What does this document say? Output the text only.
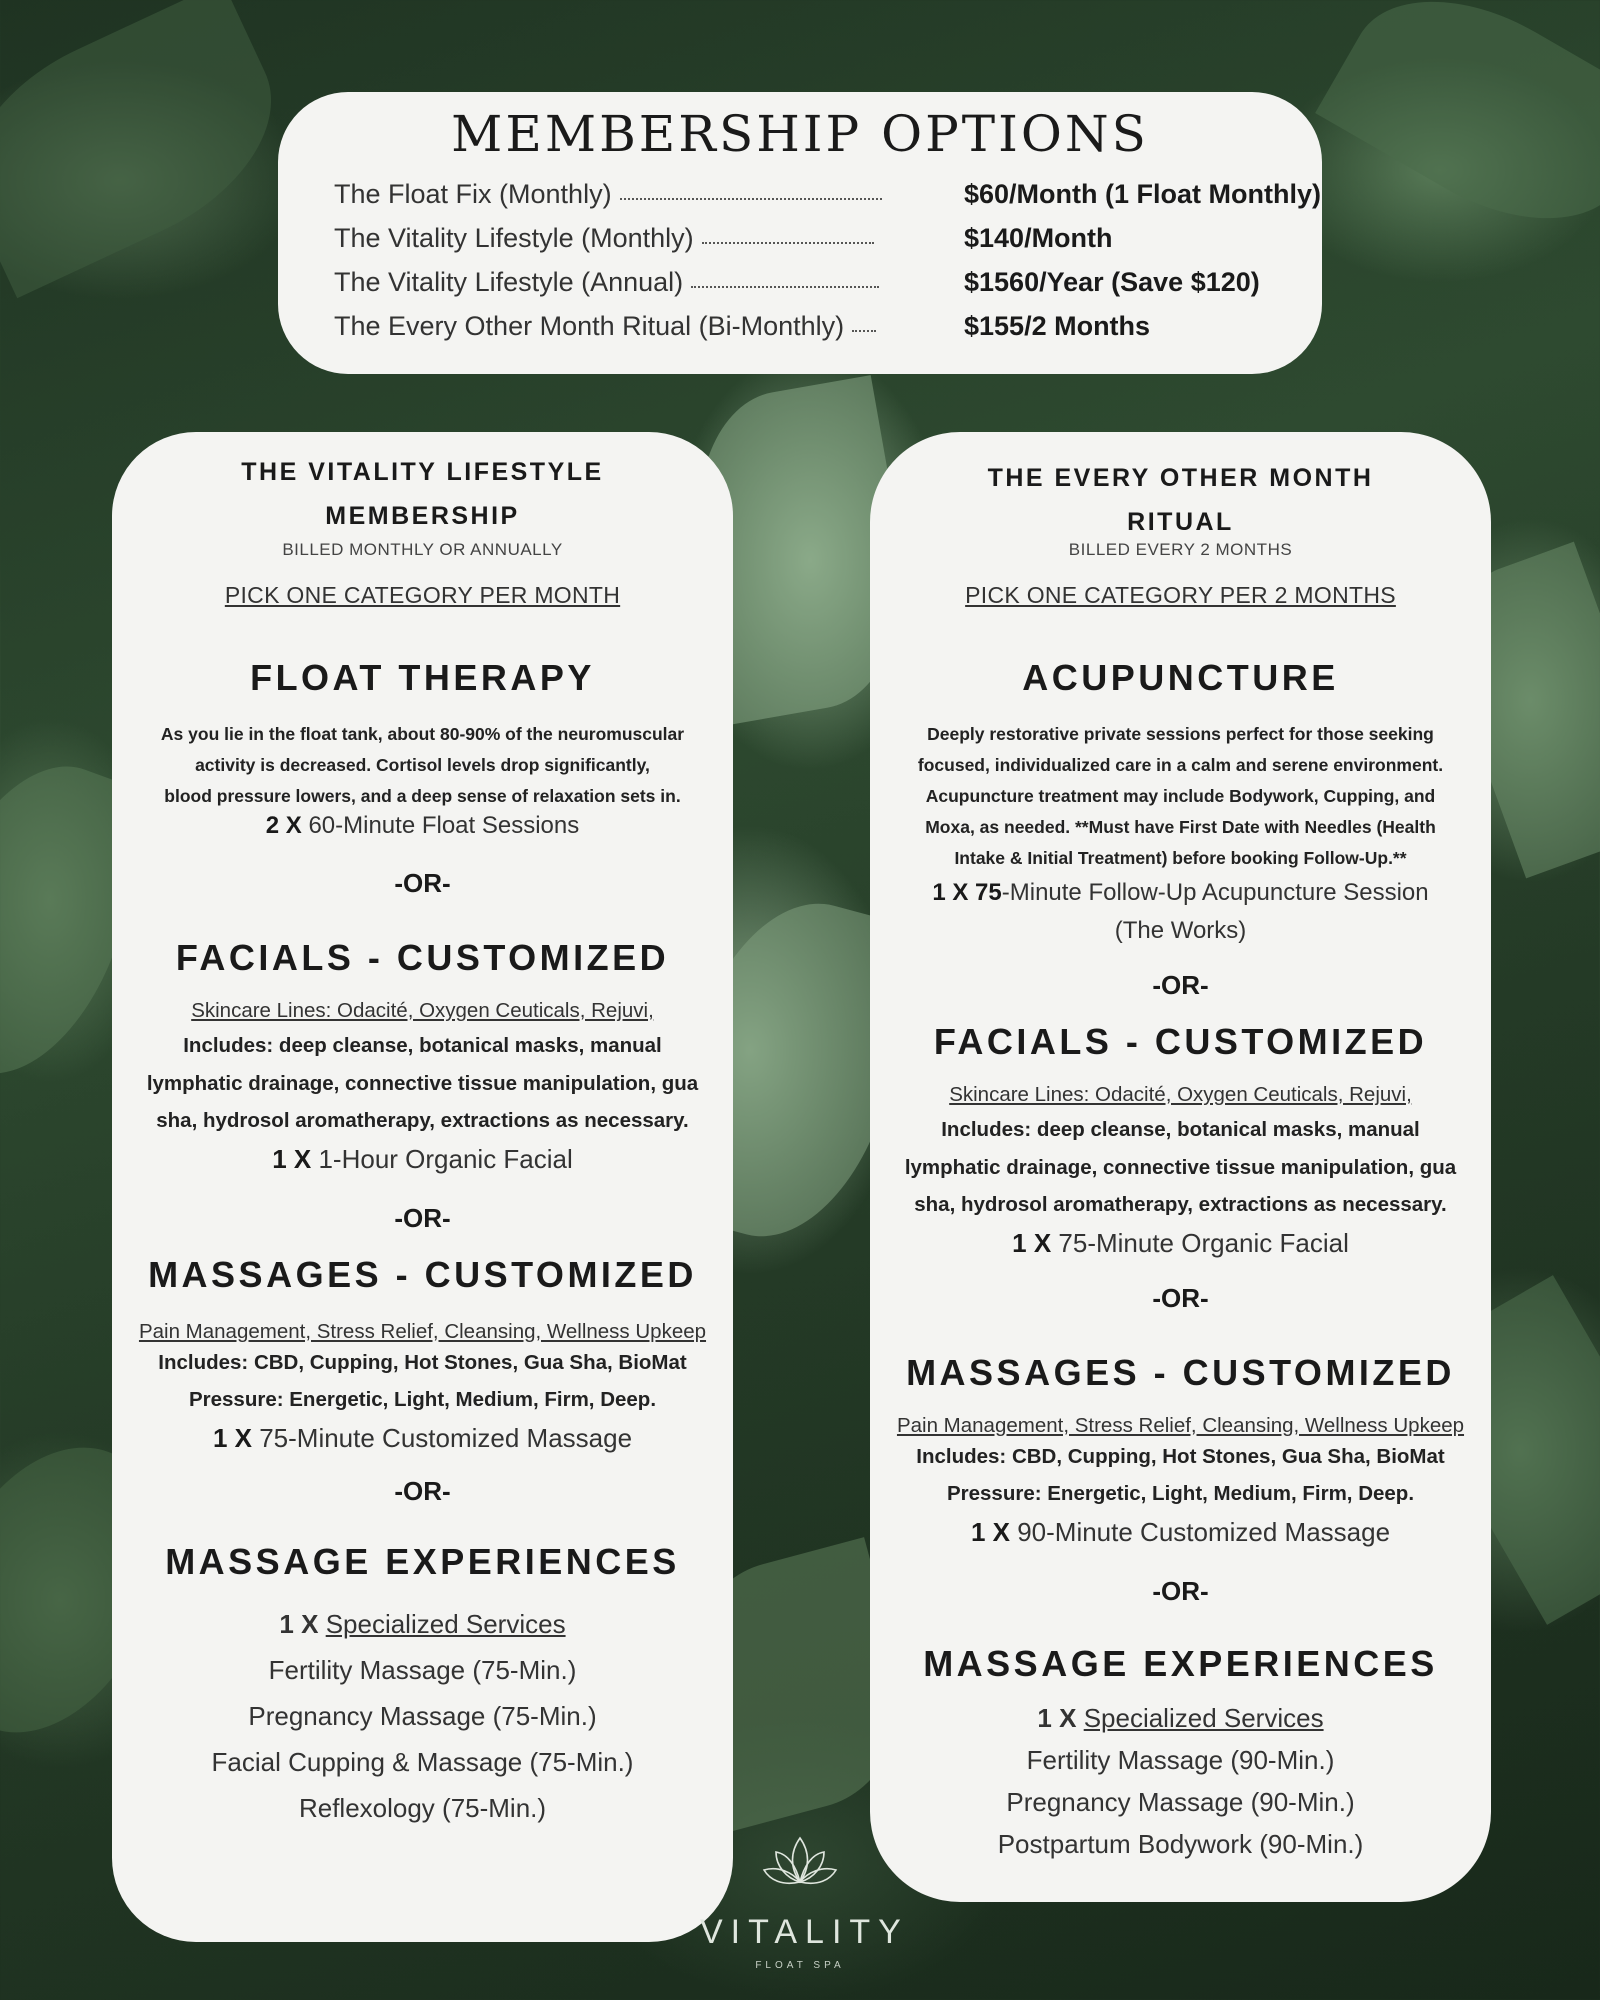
MEMBERSHIP OPTIONS
The Float Fix (Monthly)	$60/Month (1 Float Monthly)
The Vitality Lifestyle (Monthly)	$140/Month
The Vitality Lifestyle (Annual)	$1560/Year (Save $120)
The Every Other Month Ritual (Bi-Monthly)	$155/2 Months
THE VITALITY LIFESTYLE
MEMBERSHIP
BILLED MONTHLY OR ANNUALLY
PICK ONE CATEGORY PER MONTH
FLOAT THERAPY
As you lie in the float tank, about 80-90% of the neuromuscular
activity is decreased. Cortisol levels drop significantly,
blood pressure lowers, and a deep sense of relaxation sets in.
2 X 60-Minute Float Sessions
-OR-
FACIALS - CUSTOMIZED
Skincare Lines: Odacité, Oxygen Ceuticals, Rejuvi,
Includes: deep cleanse, botanical masks, manual
lymphatic drainage, connective tissue manipulation, gua
sha, hydrosol aromatherapy, extractions as necessary.
1 X 1-Hour Organic Facial
-OR-
MASSAGES - CUSTOMIZED
Pain Management, Stress Relief, Cleansing, Wellness Upkeep
Includes: CBD, Cupping, Hot Stones, Gua Sha, BioMat
Pressure: Energetic, Light, Medium, Firm, Deep.
1 X 75-Minute Customized Massage
-OR-
MASSAGE EXPERIENCES
1 X Specialized Services
Fertility Massage (75-Min.)
Pregnancy Massage (75-Min.)
Facial Cupping & Massage (75-Min.)
Reflexology (75-Min.)
THE EVERY OTHER MONTH
RITUAL
BILLED EVERY 2 MONTHS
PICK ONE CATEGORY PER 2 MONTHS
ACUPUNCTURE
Deeply restorative private sessions perfect for those seeking
focused, individualized care in a calm and serene environment.
Acupuncture treatment may include Bodywork, Cupping, and
Moxa, as needed. **Must have First Date with Needles (Health
Intake & Initial Treatment) before booking Follow-Up.**
1 X 75-Minute Follow-Up Acupuncture Session
(The Works)
-OR-
FACIALS - CUSTOMIZED
Skincare Lines: Odacité, Oxygen Ceuticals, Rejuvi,
Includes: deep cleanse, botanical masks, manual
lymphatic drainage, connective tissue manipulation, gua
sha, hydrosol aromatherapy, extractions as necessary.
1 X 75-Minute Organic Facial
-OR-
MASSAGES - CUSTOMIZED
Pain Management, Stress Relief, Cleansing, Wellness Upkeep
Includes: CBD, Cupping, Hot Stones, Gua Sha, BioMat
Pressure: Energetic, Light, Medium, Firm, Deep.
1 X 90-Minute Customized Massage
-OR-
MASSAGE EXPERIENCES
1 X Specialized Services
Fertility Massage (90-Min.)
Pregnancy Massage (90-Min.)
Postpartum Bodywork (90-Min.)
VITALITY
FLOAT SPA
